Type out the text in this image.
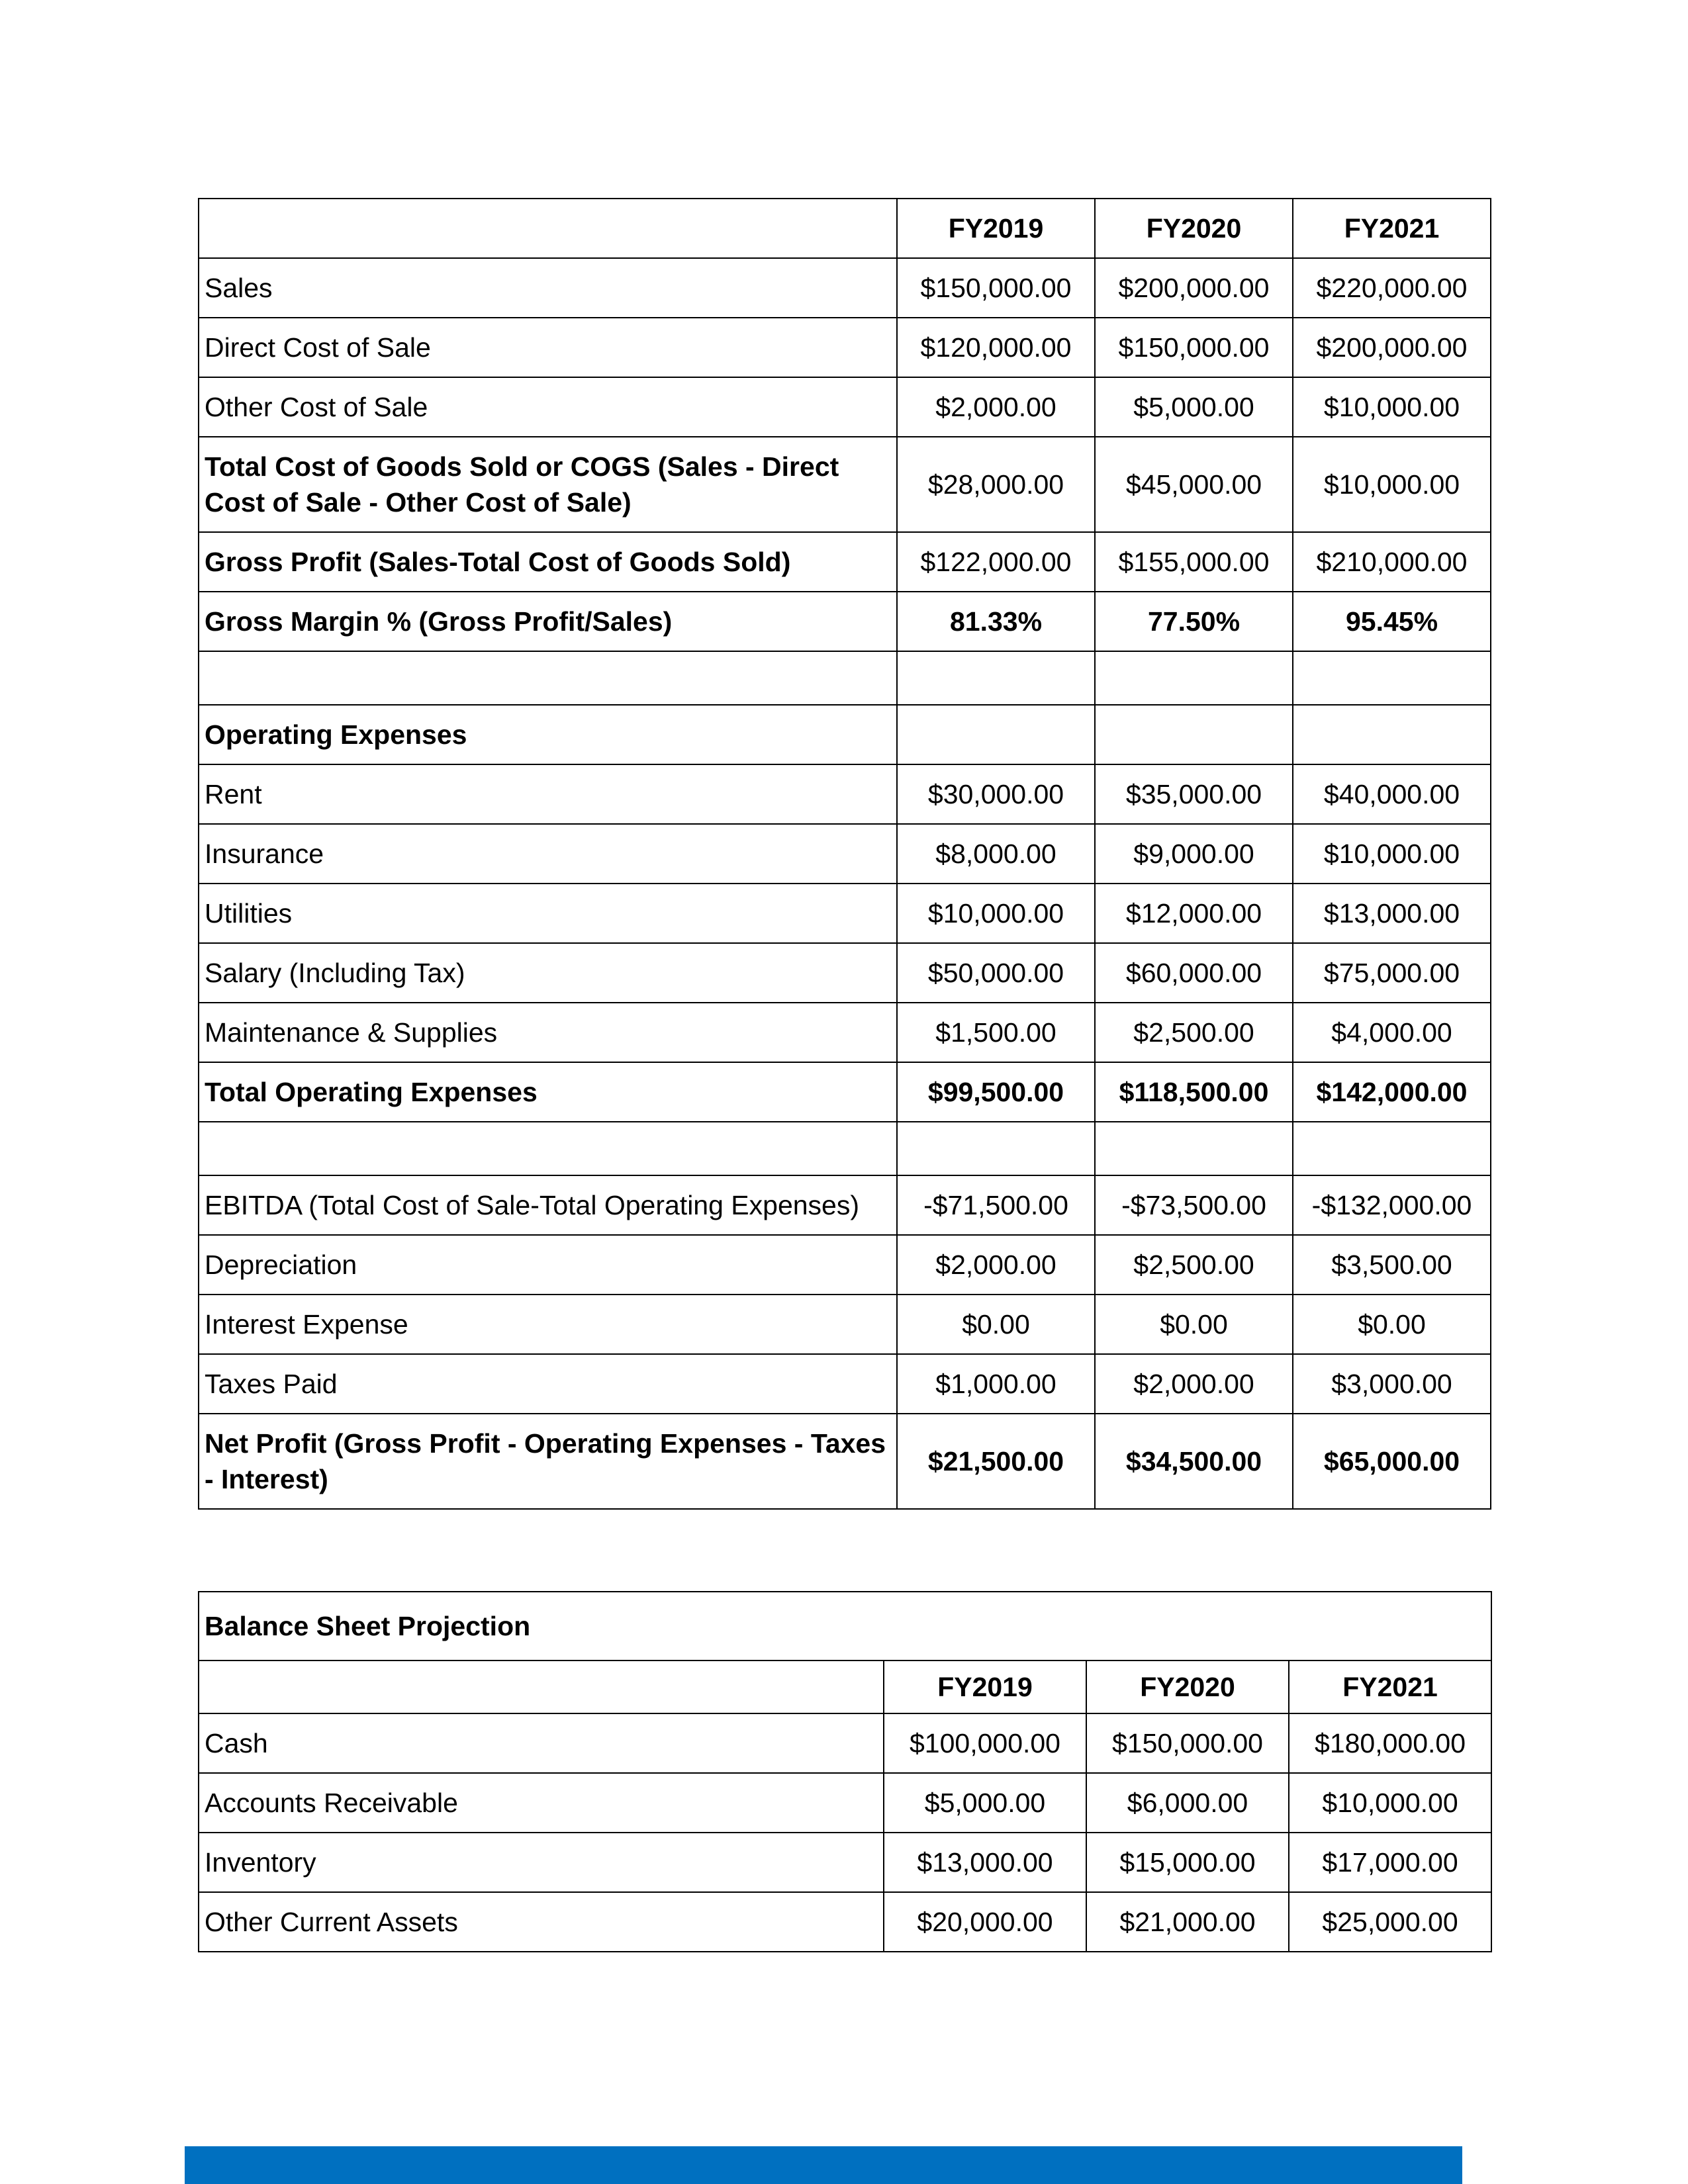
	FY2019	FY2020	FY2021
Sales	$150,000.00	$200,000.00	$220,000.00
Direct Cost of Sale	$120,000.00	$150,000.00	$200,000.00
Other Cost of Sale	$2,000.00	$5,000.00	$10,000.00
Total Cost of Goods Sold or COGS (Sales - Direct Cost of Sale - Other Cost of Sale)	$28,000.00	$45,000.00	$10,000.00
Gross Profit (Sales-Total Cost of Goods Sold)	$122,000.00	$155,000.00	$210,000.00
Gross Margin % (Gross Profit/Sales)	81.33%	77.50%	95.45%

Operating Expenses			
Rent	$30,000.00	$35,000.00	$40,000.00
Insurance	$8,000.00	$9,000.00	$10,000.00
Utilities	$10,000.00	$12,000.00	$13,000.00
Salary (Including Tax)	$50,000.00	$60,000.00	$75,000.00
Maintenance & Supplies	$1,500.00	$2,500.00	$4,000.00
Total Operating Expenses	$99,500.00	$118,500.00	$142,000.00

EBITDA (Total Cost of Sale-Total Operating Expenses)	-$71,500.00	-$73,500.00	-$132,000.00
Depreciation	$2,000.00	$2,500.00	$3,500.00
Interest Expense	$0.00	$0.00	$0.00
Taxes Paid	$1,000.00	$2,000.00	$3,000.00
Net Profit (Gross Profit - Operating Expenses - Taxes - Interest)	$21,500.00	$34,500.00	$65,000.00
Balance Sheet Projection			
	FY2019	FY2020	FY2021
Cash	$100,000.00	$150,000.00	$180,000.00
Accounts Receivable	$5,000.00	$6,000.00	$10,000.00
Inventory	$13,000.00	$15,000.00	$17,000.00
Other Current Assets	$20,000.00	$21,000.00	$25,000.00
